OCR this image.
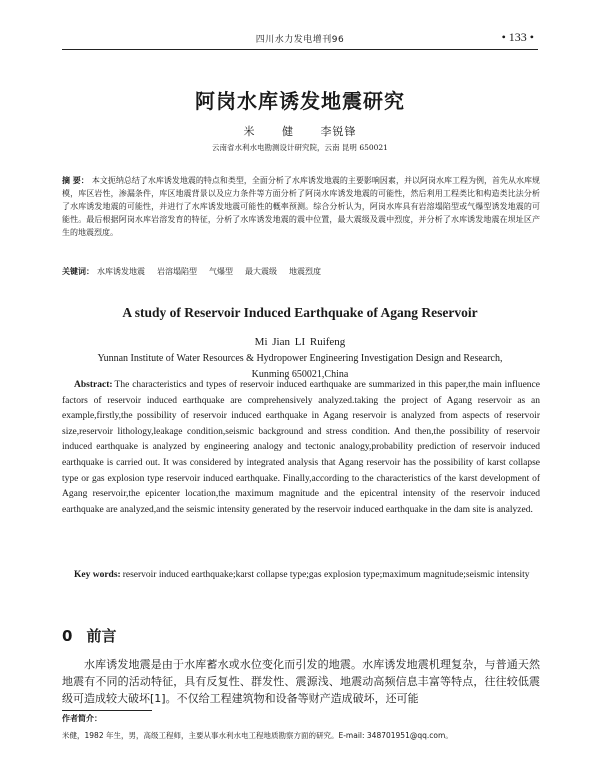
四川水力发电增刊96	• 133 •
阿岗水库诱发地震研究
米 健 李锐锋
云南省水利水电勘测设计研究院，云南 昆明 650021
摘 要： 本文扼纳总结了水库诱发地震的特点和类型，全面分析了水库诱发地震的主要影响因素，并以阿岗水库工程为例，首先从水库规模，库区岩性，渗漏条件，库区地震背景以及应力条件等方面分析了阿岗水库诱发地震的可能性，然后利用工程类比和构造类比法分析了水库诱发地震的可能性，并进行了水库诱发地震可能性的概率预测。综合分析认为，阿岗水库具有岩溶塌陷型或气爆型诱发地震的可能性。最后根据阿岗水库岩溶发育的特征，分析了水库诱发地震的震中位置，最大震级及震中烈度，并分析了水库诱发地震在坝址区产生的地震烈度。
关键词： 水库诱发地震 岩溶塌陷型 气爆型 最大震级 地震烈度
A study of Reservoir Induced Earthquake of Agang Reservoir
Mi Jian LI Ruifeng
Yunnan Institute of Water Resources & Hydropower Engineering Investigation Design and Research,
Kunming 650021,China
Abstract: The characteristics and types of reservoir induced earthquake are summarized in this paper,the main influence factors of reservoir induced earthquake are comprehensively analyzed.taking the project of Agang reservoir as an example,firstly,the possibility of reservoir induced earthquake in Agang reservoir is analyzed from aspects of reservoir size,reservoir lithology,leakage condition,seismic background and stress condition. And then,the possibility of reservoir induced earthquake is analyzed by engineering analogy and tectonic analogy,probability prediction of reservoir induced earthquake is carried out. It was considered by integrated analysis that Agang reservoir has the possibility of karst collapse type or gas explosion type reservoir induced earthquake. Finally,according to the characteristics of the karst development of Agang reservoir,the epicenter location,the maximum magnitude and the epicentral intensity of the reservoir induced earthquake are analyzed,and the seismic intensity generated by the reservoir induced earthquake in the dam site is analyzed.
Key words: reservoir induced earthquake;karst collapse type;gas explosion type;maximum magnitude;seismic intensity
0 前言
水库诱发地震是由于水库蓄水或水位变化而引发的地震。水库诱发地震机理复杂，与普通天然地震有不同的活动特征，具有反复性、群发性、震源浅、地震动高频信息丰富等特点，往往较低震级可造成较大破坏[1]。不仅给工程建筑物和设备等财产造成破坏，还可能
作者简介：
米健，1982 年生，男，高级工程师，主要从事水利水电工程地质勘察方面的研究。E-mail: 348701951@qq.com。
